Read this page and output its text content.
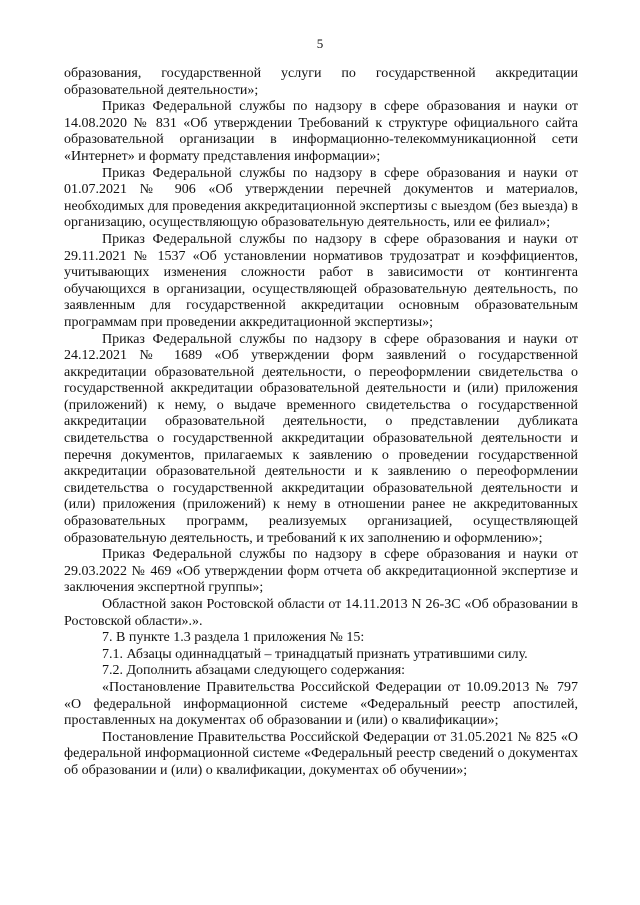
5

образования, государственной услуги по государственной аккредитации образовательной деятельности»;

Приказ Федеральной службы по надзору в сфере образования и науки от 14.08.2020 № 831 «Об утверждении Требований к структуре официального сайта образовательной организации в информационно-телекоммуникационной сети «Интернет» и формату представления информации»;

Приказ Федеральной службы по надзору в сфере образования и науки от 01.07.2021 № 906 «Об утверждении перечней документов и материалов, необходимых для проведения аккредитационной экспертизы с выездом (без выезда) в организацию, осуществляющую образовательную деятельность, или ее филиал»;

Приказ Федеральной службы по надзору в сфере образования и науки от 29.11.2021 № 1537 «Об установлении нормативов трудозатрат и коэффициентов, учитывающих изменения сложности работ в зависимости от контингента обучающихся в организации, осуществляющей образовательную деятельность, по заявленным для государственной аккредитации основным образовательным программам при проведении аккредитационной экспертизы»;

Приказ Федеральной службы по надзору в сфере образования и науки от 24.12.2021 № 1689 «Об утверждении форм заявлений о государственной аккредитации образовательной деятельности, о переоформлении свидетельства о государственной аккредитации образовательной деятельности и (или) приложения (приложений) к нему, о выдаче временного свидетельства о государственной аккредитации образовательной деятельности, о представлении дубликата свидетельства о государственной аккредитации образовательной деятельности и перечня документов, прилагаемых к заявлению о проведении государственной аккредитации образовательной деятельности и к заявлению о переоформлении свидетельства о государственной аккредитации образовательной деятельности и (или) приложения (приложений) к нему в отношении ранее не аккредитованных образовательных программ, реализуемых организацией, осуществляющей образовательную деятельность, и требований к их заполнению и оформлению»;

Приказ Федеральной службы по надзору в сфере образования и науки от 29.03.2022 № 469 «Об утверждении форм отчета об аккредитационной экспертизе и заключения экспертной группы»;

Областной закон Ростовской области от 14.11.2013 N 26-ЗС «Об образовании в Ростовской области».».

7. В пункте 1.3 раздела 1 приложения № 15:

7.1. Абзацы одиннадцатый – тринадцатый признать утратившими силу.

7.2. Дополнить абзацами следующего содержания:

«Постановление Правительства Российской Федерации от 10.09.2013 № 797 «О федеральной информационной системе «Федеральный реестр апостилей, проставленных на документах об образовании и (или) о квалификации»;

Постановление Правительства Российской Федерации от 31.05.2021 № 825 «О федеральной информационной системе «Федеральный реестр сведений о документах об образовании и (или) о квалификации, документах об обучении»;
